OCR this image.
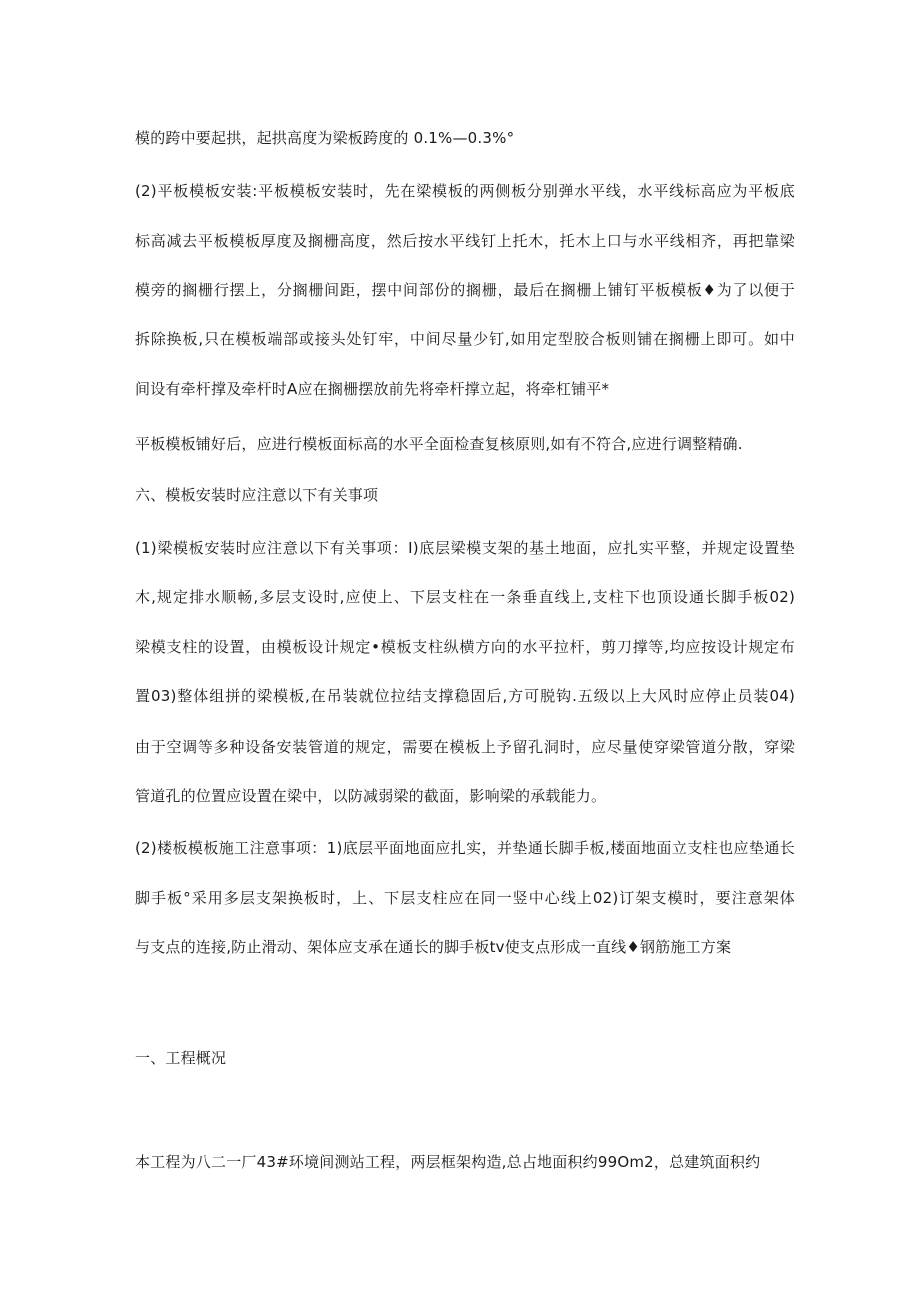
模的跨中要起拱，起拱高度为梁板跨度的 0.1%—0.3%°
(2)平板模板安装:平板模板安装时，先在梁模板的两侧板分别弹水平线，水平线标高应为平板底
标高减去平板模板厚度及搁栅高度，然后按水平线钉上托木，托木上口与水平线相齐，再把靠梁
模旁的搁栅行摆上，分搁栅间距，摆中间部份的搁栅，最后在搁栅上铺钉平板模板♦为了以便于
拆除换板,只在模板端部或接头处钉牢，中间尽量少钉,如用定型胶合板则铺在搁栅上即可。如中
间设有牵杆撑及牵杆时A应在搁栅摆放前先将牵杆撑立起，将牵杠铺平*
平板模板铺好后，应进行模板面标高的水平全面检查复核原则,如有不符合,应进行调整精确.
六、模板安装时应注意以下有关事项
(1)梁模板安装时应注意以下有关事项：I)底层梁模支架的基土地面，应扎实平整，并规定设置垫
木,规定排水顺畅,多层支设时,应使上、下层支柱在一条垂直线上,支柱下也顶设通长脚手板02)
梁模支柱的设置，由模板设计规定•模板支柱纵横方向的水平拉杆，剪刀撑等,均应按设计规定布
置03)整体组拼的梁模板,在吊装就位拉结支撑稳固后,方可脱钩.五级以上大风时应停止员装04)
由于空调等多种设备安装管道的规定，需要在模板上予留孔洞时，应尽量使穿梁管道分散，穿梁
管道孔的位置应设置在梁中，以防减弱梁的截面，影响梁的承载能力。
(2)楼板模板施工注意事项：1)底层平面地面应扎实，并垫通长脚手板,楼面地面立支柱也应垫通长
脚手板°采用多层支架换板时，上、下层支柱应在同一竖中心线上02)订架支模时，要注意架体
与支点的连接,防止滑动、架体应支承在通长的脚手板tv使支点形成一直线♦钢筋施工方案
一、工程概况
本工程为八二一厂43#环境间测站工程，两层框架构造,总占地面积约99Om2，总建筑面积约
